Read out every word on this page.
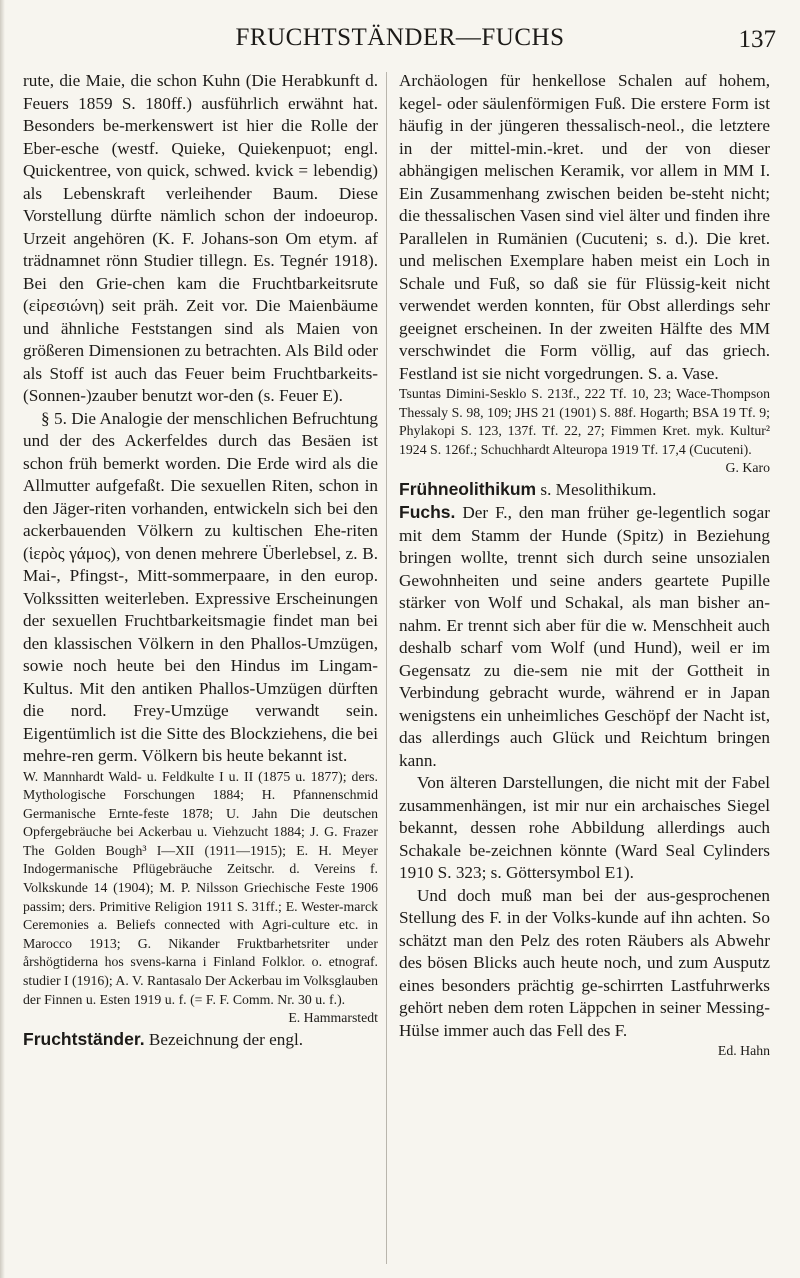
FRUCHTSTÄNDER—FUCHS	137

rute, die Maie, die schon Kuhn (Die Herabkunft d. Feuers 1859 S. 180ff.) ausführlich erwähnt hat. Besonders be-merkenswert ist hier die Rolle der Eber-esche (westf. Quieke, Quiekenpuot; engl. Quickentree, von quick, schwed. kvick = lebendig) als Lebenskraft verleihender Baum. Diese Vorstellung dürfte nämlich schon der indoeurop. Urzeit angehören (K. F. Johans-son Om etym. af trädnamnet rönn Studier tillegn. Es. Tegnér 1918). Bei den Grie-chen kam die Fruchtbarkeitsrute (εἰρεσιώνη) seit präh. Zeit vor. Die Maienbäume und ähnliche Feststangen sind als Maien von größeren Dimensionen zu betrachten. Als Bild oder als Stoff ist auch das Feuer beim Fruchtbarkeits-(Sonnen-)zauber benutzt wor-den (s. Feuer E).

§ 5. Die Analogie der menschlichen Befruchtung und der des Ackerfeldes durch das Besäen ist schon früh bemerkt worden. Die Erde wird als die Allmutter aufgefaßt. Die sexuellen Riten, schon in den Jäger-riten vorhanden, entwickeln sich bei den ackerbauenden Völkern zu kultischen Ehe-riten (ἱερὸς γάμος), von denen mehrere Überlebsel, z. B. Mai-, Pfingst-, Mitt-sommerpaare, in den europ. Volkssitten weiterleben. Expressive Erscheinungen der sexuellen Fruchtbarkeitsmagie findet man bei den klassischen Völkern in den Phallos-Umzügen, sowie noch heute bei den Hindus im Lingam-Kultus. Mit den antiken Phallos-Umzügen dürften die nord. Frey-Umzüge verwandt sein. Eigentümlich ist die Sitte des Blockziehens, die bei mehre-ren germ. Völkern bis heute bekannt ist.

W. Mannhardt Wald- u. Feldkulte I u. II (1875 u. 1877); ders. Mythologische Forschungen 1884; H. Pfannenschmid Germanische Ernte-feste 1878; U. Jahn Die deutschen Opfergebräuche bei Ackerbau u. Viehzucht 1884; J. G. Frazer The Golden Bough³ I—XII (1911—1915); E. H. Meyer Indogermanische Pflügebräuche Zeitschr. d. Vereins f. Volkskunde 14 (1904); M. P. Nilsson Griechische Feste 1906 passim; ders. Primitive Religion 1911 S. 31ff.; E. Wester-marck Ceremonies a. Beliefs connected with Agri-culture etc. in Marocco 1913; G. Nikander Fruktbarhetsriter under årshögtiderna hos svens-karna i Finland Folklor. o. etnograf. studier I (1916); A. V. Rantasalo Der Ackerbau im Volksglauben der Finnen u. Esten 1919 u. f. (= F. F. Comm. Nr. 30 u. f.).

E. Hammarstedt

Fruchtständer. Bezeichnung der engl.

Archäologen für henkellose Schalen auf hohem, kegel- oder säulenförmigen Fuß. Die erstere Form ist häufig in der jüngeren thessalisch-neol., die letztere in der mittel-min.-kret. und der von dieser abhängigen melischen Keramik, vor allem in MM I. Ein Zusammenhang zwischen beiden be-steht nicht; die thessalischen Vasen sind viel älter und finden ihre Parallelen in Rumänien (Cucuteni; s. d.). Die kret. und melischen Exemplare haben meist ein Loch in Schale und Fuß, so daß sie für Flüssig-keit nicht verwendet werden konnten, für Obst allerdings sehr geeignet erscheinen. In der zweiten Hälfte des MM verschwindet die Form völlig, auf das griech. Festland ist sie nicht vorgedrungen. S. a. Vase.

Tsuntas Dimini-Sesklo S. 213f., 222 Tf. 10, 23; Wace-Thompson Thessaly S. 98, 109; JHS 21 (1901) S. 88f. Hogarth; BSA 19 Tf. 9; Phylakopi S. 123, 137f. Tf. 22, 27; Fimmen Kret. myk. Kultur² 1924 S. 126f.; Schuchhardt Alteuropa 1919 Tf. 17,4 (Cucuteni).

G. Karo

Frühneolithikum s. Mesolithikum.

Fuchs. Der F., den man früher ge-legentlich sogar mit dem Stamm der Hunde (Spitz) in Beziehung bringen wollte, trennt sich durch seine unsozialen Gewohnheiten und seine anders geartete Pupille stärker von Wolf und Schakal, als man bisher an-nahm. Er trennt sich aber für die w. Menschheit auch deshalb scharf vom Wolf (und Hund), weil er im Gegensatz zu die-sem nie mit der Gottheit in Verbindung gebracht wurde, während er in Japan wenigstens ein unheimliches Geschöpf der Nacht ist, das allerdings auch Glück und Reichtum bringen kann.

Von älteren Darstellungen, die nicht mit der Fabel zusammenhängen, ist mir nur ein archaisches Siegel bekannt, dessen rohe Abbildung allerdings auch Schakale be-zeichnen könnte (Ward Seal Cylinders 1910 S. 323; s. Göttersymbol E1).

Und doch muß man bei der aus-gesprochenen Stellung des F. in der Volks-kunde auf ihn achten. So schätzt man den Pelz des roten Räubers als Abwehr des bösen Blicks auch heute noch, und zum Ausputz eines besonders prächtig ge-schirrten Lastfuhrwerks gehört neben dem roten Läppchen in seiner Messing-Hülse immer auch das Fell des F.

Ed. Hahn
